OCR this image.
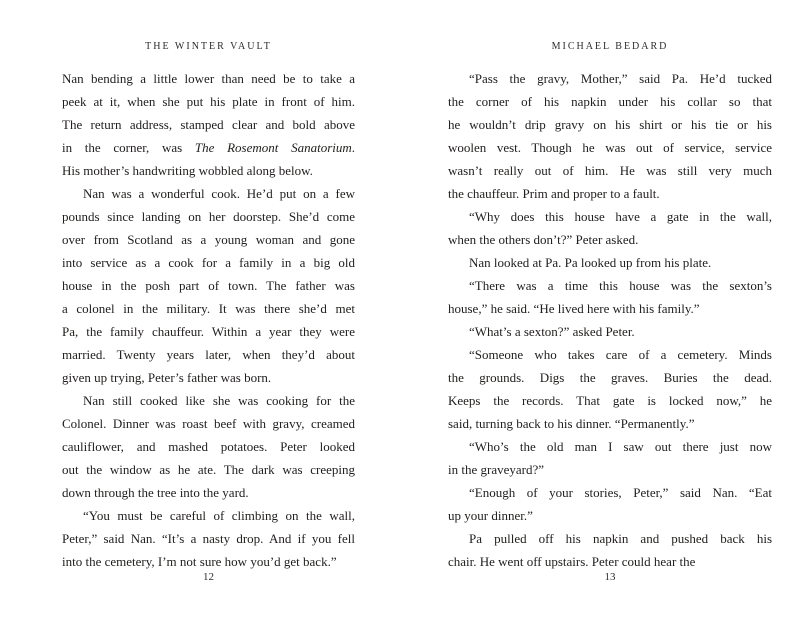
THE WINTER VAULT
Nan bending a little lower than need be to take a
peek at it, when she put his plate in front of him.
The return address, stamped clear and bold above
in the corner, was The Rosemont Sanatorium.
His mother’s handwriting wobbled along below.
Nan was a wonderful cook. He’d put on a few
pounds since landing on her doorstep. She’d come
over from Scotland as a young woman and gone
into service as a cook for a family in a big old
house in the posh part of town. The father was
a colonel in the military. It was there she’d met
Pa, the family chauffeur. Within a year they were
married. Twenty years later, when they’d about
given up trying, Peter’s father was born.
Nan still cooked like she was cooking for the
Colonel. Dinner was roast beef with gravy, creamed
cauliflower, and mashed potatoes. Peter looked
out the window as he ate. The dark was creeping
down through the tree into the yard.
“You must be careful of climbing on the wall,
Peter,” said Nan. “It’s a nasty drop. And if you fell
into the cemetery, I’m not sure how you’d get back.”
12
MICHAEL BEDARD
“Pass the gravy, Mother,” said Pa. He’d tucked
the corner of his napkin under his collar so that
he wouldn’t drip gravy on his shirt or his tie or his
woolen vest. Though he was out of service, service
wasn’t really out of him. He was still very much
the chauffeur. Prim and proper to a fault.
“Why does this house have a gate in the wall,
when the others don’t?” Peter asked.
Nan looked at Pa. Pa looked up from his plate.
“There was a time this house was the sexton’s
house,” he said. “He lived here with his family.”
“What’s a sexton?” asked Peter.
“Someone who takes care of a cemetery. Minds
the grounds. Digs the graves. Buries the dead.
Keeps the records. That gate is locked now,” he
said, turning back to his dinner. “Permanently.”
“Who’s the old man I saw out there just now
in the graveyard?”
“Enough of your stories, Peter,” said Nan. “Eat
up your dinner.”
Pa pulled off his napkin and pushed back his
chair. He went off upstairs. Peter could hear the
13
